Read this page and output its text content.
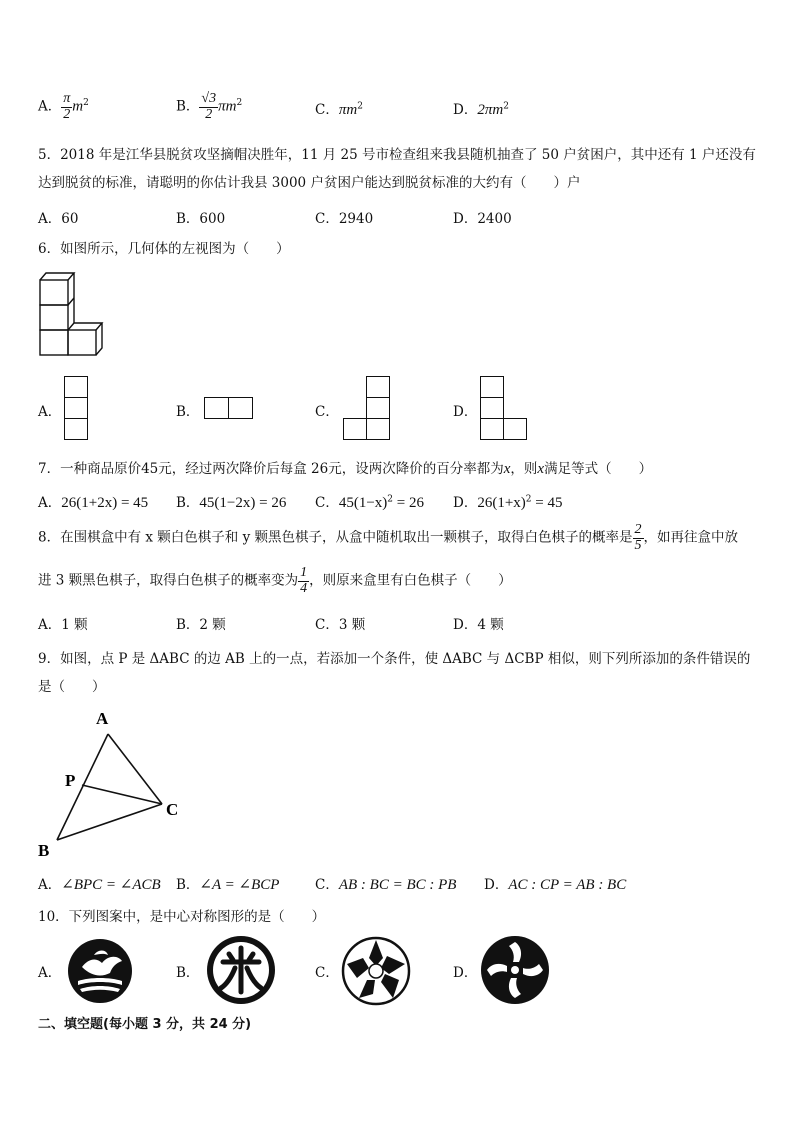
A． $\frac{\pi}{2} m^2$	B． $\frac{√3}{2} \pi m^2$	C．$\pi m^2$	D．$2\pi m^2$
5．2018 年是江华县脱贫攻坚摘帽决胜年，11 月 25 号市检查组来我县随机抽查了 50 户贫困户，其中还有 1 户还没有
达到脱贫的标准，请聪明的你估计我县 3000 户贫困户能达到脱贫标准的大约有（　　）户
A．60	B．600	C．2940	D．2400
6．如图所示，几何体的左视图为（　　）
A．	B．	C．	D．
7．一种商品原价45元，经过两次降价后每盒 26元，设两次降价的百分率都为x，则x满足等式（　　）
A．26(1+2x) = 45 B．45(1−2x) = 26 C．$45(1-x)^2 = 26$ D．$26(1+x)^2 = 45$
8．在围棋盒中有 x 颗白色棋子和 y 颗黑色棋子，从盒中随机取出一颗棋子，取得白色棋子的概率是 $\frac{2}{5}$ ，如再往盒中放
进 3 颗黑色棋子，取得白色棋子的概率变为 $\frac{1}{4}$ ，则原来盒里有白色棋子（　　）
A．1 颗	B．2 颗	C．3 颗	D．4 颗
9．如图，点 P 是 ΔABC 的边 AB 上的一点，若添加一个条件，使 ΔABC 与 ΔCBP 相似，则下列所添加的条件错误的
是（　　）
A
P
B
C
A．∠BPC = ∠ACB B．∠A = ∠BCP	C．AB : BC = BC : PB D．AC : CP = AB : BC
10．下列图案中，是中心对称图形的是（　　）
A．	B．	C．	D．
二、填空题(每小题 3 分，共 24 分)
